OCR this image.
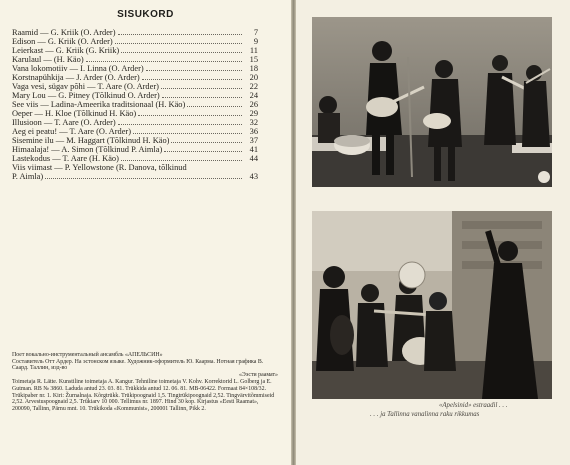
SISUKORD
Raamid — G. Kriik (O. Arder)	7
Edison — G. Kriik (O. Arder)	9
Leierkast — G. Kriik (G. Kriik)	11
Karulaul — (H. Käo)	15
Vana lokomotiiv — I. Linna (O. Arder)	18
Korstnapühkija — J. Arder (O. Arder)	20
Vaga vesi, sügav põhi — T. Aare (O. Arder)	22
Mary Lou — G. Pitney (Tõlkinud O. Arder)	24
See viis — Ladina-Ameerika traditsionaal (H. Käo)	26
Oeper — H. Kloe (Tõlkinud H. Käo)	29
Illusioon — T. Aare (O. Arder)	32
Aeg ei peatu! — T. Aare (O. Arder)	36
Sisemine ilu — M. Haggart (Tõlkinud H. Käo)	37
Himaalaja! — A. Simon (Tõlkinud P. Aimla)	41
Lastekodus — T. Aare (H. Käo)	44
Viis viimast — P. Yellowstone (R. Danova, tõlkinud
P. Aimla)	43

Поет вокально-инструментальный ансамбль «АПЕЛЬСИН»

Составитель Отт Ардер. На эстонском языке. Художник-оформитель Ю. Каарма. Нотная графика В. Саард. Таллин, изд-во

«Ээсти раамат»

Toimetaja R. Lätte. Kunstiline toimetaja A. Kangur. Tehniline toimetaja V. Kohv. Korrektorid L. Golberg ja E. Gutman. RB № 3860. Laduda antud 23. 03. 81. Trükkida antud 12. 06. 81. MB-06422. Formaat 84×108/32. Trükipaber nr. 1. Kiri: Žurnalnaja. Kõrgtrükk. Trükipoognaid 1,5. Tingtrükipoognaid 2,52. Tingvärvitõmmiseid 2,52. Arvestuspoognaid 2,5. Trükiarv 10 000. Tellimus nr. 1897. Hind 30 kop. Kirjastus «Eesti Raamat», 200090, Tallinn, Pärnu mnt. 10. Trükikoda «Kommunist», 200001 Tallinn, Pikk 2.	«Apelsinid» estraadil . . .
. . . ja Tallinna vanalinna raku rikkumas
